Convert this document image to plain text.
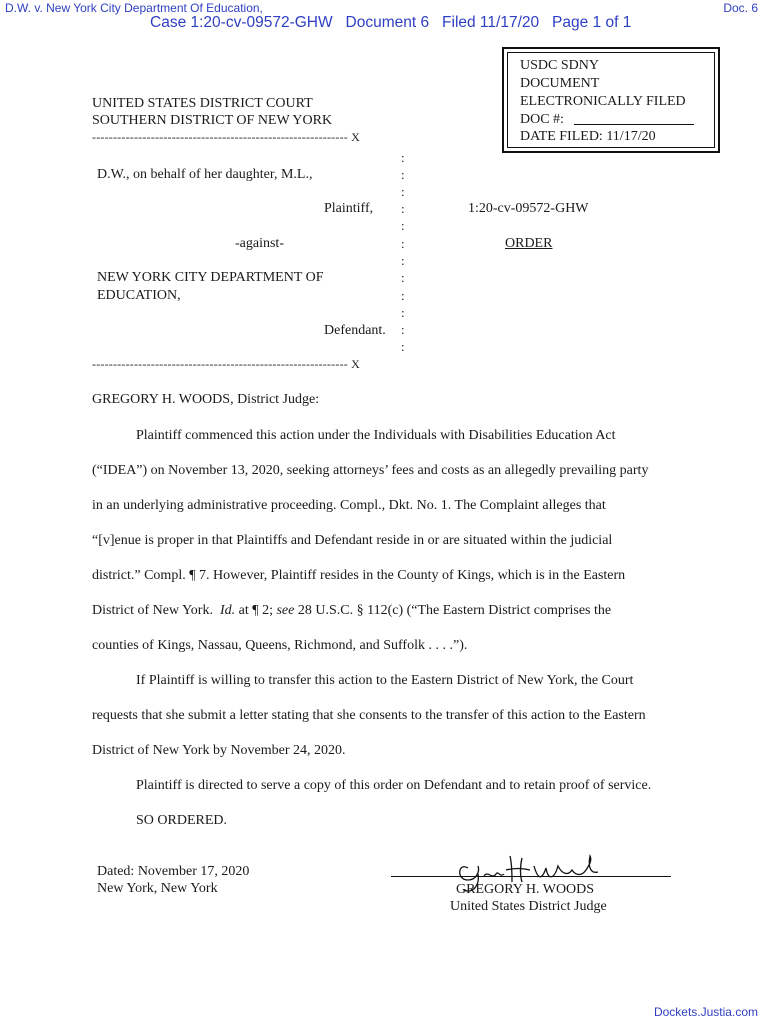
D.W. v. New York City Department Of Education,	Doc. 6
Case 1:20-cv-09572-GHW   Document 6   Filed 11/17/20   Page 1 of 1
USDC SDNY
DOCUMENT
ELECTRONICALLY FILED
DOC #:
DATE FILED: 11/17/20
UNITED STATES DISTRICT COURT
SOUTHERN DISTRICT OF NEW YORK
------------------------------------------------------------- X
D.W., on behalf of her daughter, M.L.,
Plaintiff,
-against-
NEW YORK CITY DEPARTMENT OF
EDUCATION,
Defendant.
------------------------------------------------------------- X
:
:
:
:
:
:
:
:
:
:
:
:
1:20-cv-09572-GHW
ORDER
GREGORY H. WOODS, District Judge:
Plaintiff commenced this action under the Individuals with Disabilities Education Act
(“IDEA”) on November 13, 2020, seeking attorneys’ fees and costs as an allegedly prevailing party
in an underlying administrative proceeding. Compl., Dkt. No. 1. The Complaint alleges that
“[v]enue is proper in that Plaintiffs and Defendant reside in or are situated within the judicial
district.” Compl. ¶ 7. However, Plaintiff resides in the County of Kings, which is in the Eastern
District of New York.  Id. at ¶ 2; see 28 U.S.C. § 112(c) (“The Eastern District comprises the
counties of Kings, Nassau, Queens, Richmond, and Suffolk . . . .”).
If Plaintiff is willing to transfer this action to the Eastern District of New York, the Court
requests that she submit a letter stating that she consents to the transfer of this action to the Eastern
District of New York by November 24, 2020.
Plaintiff is directed to serve a copy of this order on Defendant and to retain proof of service.
SO ORDERED.
Dated: November 17, 2020
New York, New York	GREGORY H. WOODS
United States District Judge
Dockets.Justia.com
